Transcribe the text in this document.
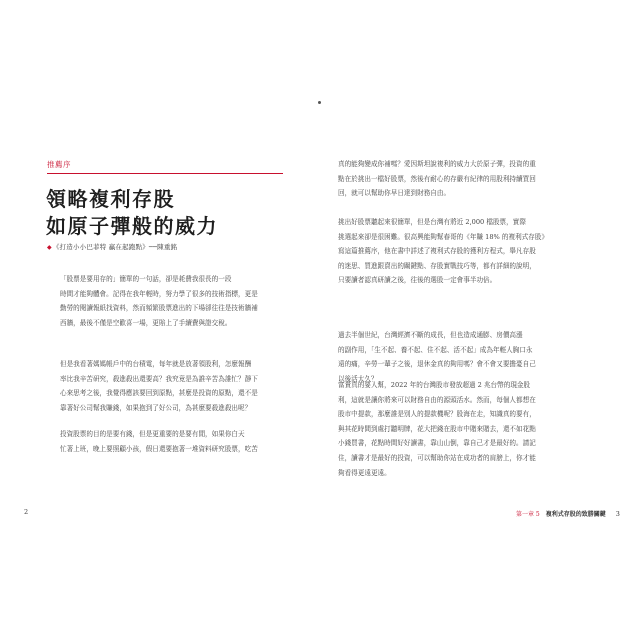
推薦序
領略複利存股
如原子彈般的威力
◆《打造小小巴菲特 贏在起跑點》──陳重銘
「股票是要用存的」簡單的一句話，卻是耗費我很長的一段
時間才能夠體會。記得在我年輕時，努力學了很多的技術指標，更是
勤勞的閱讀報紙找資料，然而頻繁股票進出的下場卻往往是技術牆補
西牆，最後不僅是空歡喜一場，更賠上了手續費與證交稅。
但是我看著媽媽帳戶中的台積電，每年就是放著領股利，怎麼報酬
率比我辛苦研究，殺進殺出還要高？我究竟是為誰辛苦為誰忙？靜下
心來思考之後，我覺得應該要回到原點，甚麼是投資的原點，還不是
靠著好公司幫我賺錢，如果抱到了好公司，為甚麼要殺進殺出呢？
投資股票的目的是要有錢，但是更重要的是要有閒，如果你白天
忙著上班，晚上要照顧小孩，假日還要抱著一堆資料研究股票，吃苦
2
真的能夠變成你補嗎？愛因斯坦說複利的威力大於原子彈，投資的重
點在於挑出一檔好股票，然後有耐心的存嚴有紀律的用股利持續買回
回，就可以幫助你早日達到財務自由。
挑出好股票聽起來很簡單，但是台灣有將近 2,000 檔股票，實際
挑選起來卻是很困難。很高興能夠幫春哥的《年賺 18% 的複利式存股》
寫這篇推薦序，他在書中詳述了複利式存股的獲利方程式，舉凡存股
的迷思、買進跟賣出的關鍵點、存股實戰技巧等，都有詳細的說明，
只要讀者認真研讀之後，往後的選股一定會事半功倍。
過去半個世紀，台灣經濟不斷的成長，但也造成通膨、房價高漲
的副作用，「生不起、養不起、住不起、活不起」成為年輕人胸口永
遠的痛，辛勞一輩子之後，退休金真的夠用嗎？會不會又要擔憂自己
以後活太久？
富貴真的要人幫，2022 年的台灣股市發放超過 2 兆台幣的現金股
利，這就是讓你將來可以財務自由的源頭活水。然而，每個人都想在
股市中提款，那麼誰是別人的提款機呢？股海在走，知識真的要有，
與其花時間到處打聽明牌，花大把錢在股市中賭來賭去，還不如花點
小錢買書，花點時間好好讀書，靠山山倒，靠自己才是最好的。請記
住，讀書才是最好的投資，可以幫助你站在成功者的肩膀上，你才能
夠看得更遠更遠。
第一章 5 複利式存股的致勝關鍵 3
